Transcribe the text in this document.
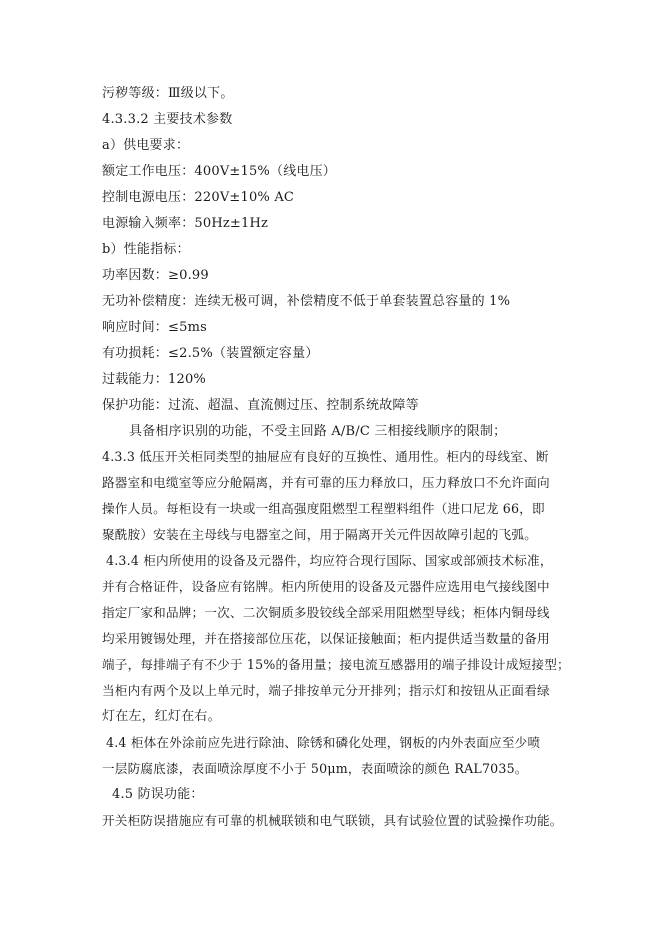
污秽等级：Ⅲ级以下。
4.3.3.2 主要技术参数
a）供电要求：
额定工作电压：400V±15%（线电压）
控制电源电压：220V±10% AC
电源输入频率：50Hz±1Hz
b）性能指标：
功率因数：≥0.99
无功补偿精度：连续无极可调，补偿精度不低于单套装置总容量的 1%
响应时间：≤5ms
有功损耗：≤2.5%（装置额定容量）
过载能力：120%
保护功能：过流、超温、直流侧过压、控制系统故障等
具备相序识别的功能，不受主回路 A/B/C 三相接线顺序的限制；
4.3.3 低压开关柜同类型的抽屉应有良好的互换性、通用性。柜内的母线室、断
路器室和电缆室等应分舱隔离，并有可靠的压力释放口，压力释放口不允许面向
操作人员。每柜设有一块或一组高强度阻燃型工程塑料组件（进口尼龙 66，即
聚酰胺）安装在主母线与电器室之间，用于隔离开关元件因故障引起的飞弧。
4.3.4 柜内所使用的设备及元器件，均应符合现行国际、国家或部颁技术标准，
并有合格证件，设备应有铭牌。柜内所使用的设备及元器件应选用电气接线图中
指定厂家和品牌；一次、二次铜质多股铰线全部采用阻燃型导线；柜体内铜母线
均采用镀锡处理，并在搭接部位压花，以保证接触面；柜内提供适当数量的备用
端子，每排端子有不少于 15%的备用量；接电流互感器用的端子排设计成短接型；
当柜内有两个及以上单元时，端子排按单元分开排列；指示灯和按钮从正面看绿
灯在左，红灯在右。
4.4 柜体在外涂前应先进行除油、除锈和磷化处理，钢板的内外表面应至少喷
一层防腐底漆，表面喷涂厚度不小于 50μm，表面喷涂的颜色 RAL7035。
4.5 防误功能：
开关柜防误措施应有可靠的机械联锁和电气联锁，具有试验位置的试验操作功能。
